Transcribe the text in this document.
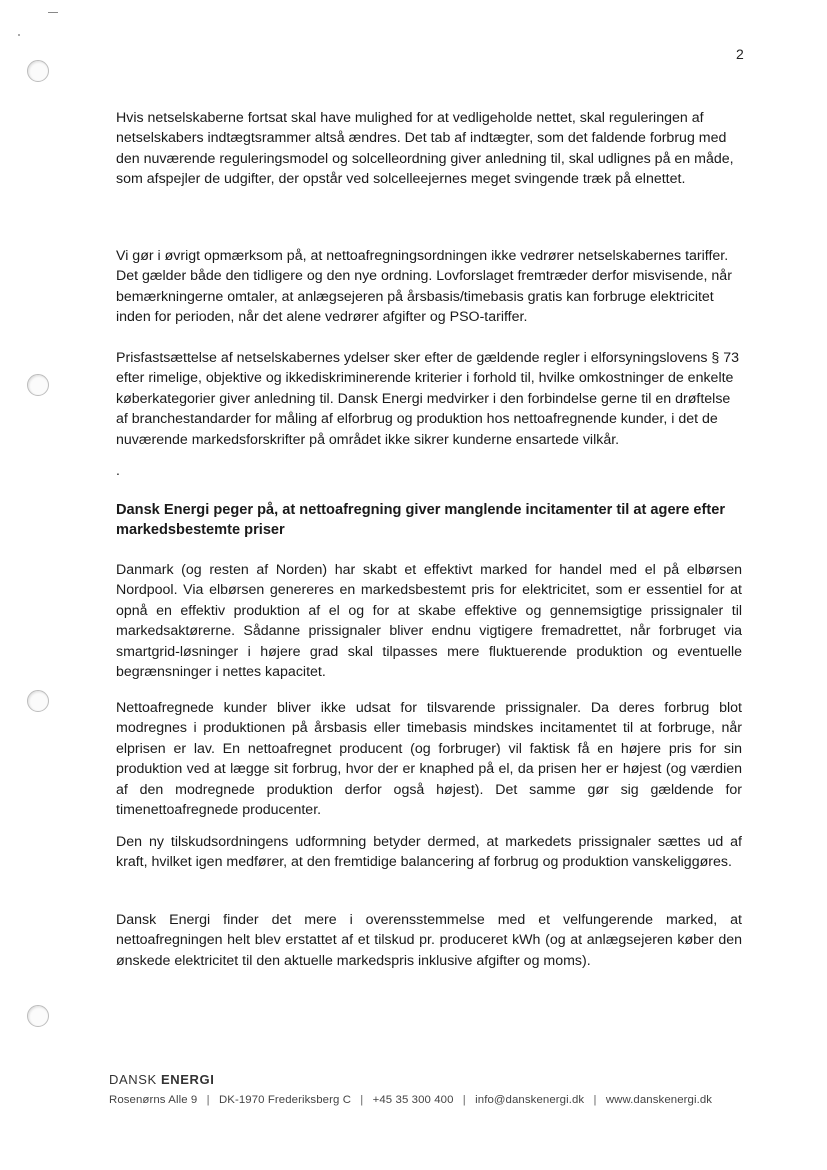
2

Hvis netselskaberne fortsat skal have mulighed for at vedligeholde nettet, skal reguleringen af netselskabers indtægtsrammer altså ændres. Det tab af indtægter, som det faldende forbrug med den nuværende reguleringsmodel og solcelleordning giver anledning til, skal udlignes på en måde, som afspejler de udgifter, der opstår ved solcelleejernes meget svingende træk på elnettet.

Vi gør i øvrigt opmærksom på, at nettoafregningsordningen ikke vedrører netselskabernes tariffer. Det gælder både den tidligere og den nye ordning. Lovforslaget fremtræder derfor misvisende, når bemærkningerne omtaler, at anlægsejeren på årsbasis/timebasis gratis kan forbruge elektricitet inden for perioden, når det alene vedrører afgifter og PSO-tariffer.

Prisfastsættelse af netselskabernes ydelser sker efter de gældende regler i elforsyningslovens § 73 efter rimelige, objektive og ikkediskriminerende kriterier i forhold til, hvilke omkostninger de enkelte køberkategorier giver anledning til. Dansk Energi medvirker i den forbindelse gerne til en drøftelse af branchestandarder for måling af elforbrug og produktion hos nettoafregnende kunder, i det de nuværende markedsforskrifter på området ikke sikrer kunderne ensartede vilkår.

.
Dansk Energi peger på, at nettoafregning giver manglende incitamenter til at agere efter markedsbestemte priser

Danmark (og resten af Norden) har skabt et effektivt marked for handel med el på elbørsen Nordpool. Via elbørsen genereres en markedsbestemt pris for elektricitet, som er essentiel for at opnå en effektiv produktion af el og for at skabe effektive og gennemsigtige prissignaler til markedsaktørerne. Sådanne prissignaler bliver endnu vigtigere fremadrettet, når forbruget via smartgrid-løsninger i højere grad skal tilpasses mere fluktuerende produktion og eventuelle begrænsninger i nettes kapacitet.

Nettoafregnede kunder bliver ikke udsat for tilsvarende prissignaler. Da deres forbrug blot modregnes i produktionen på årsbasis eller timebasis mindskes incitamentet til at forbruge, når elprisen er lav. En nettoafregnet producent (og forbruger) vil faktisk få en højere pris for sin produktion ved at lægge sit forbrug, hvor der er knaphed på el, da prisen her er højest (og værdien af den modregnede produktion derfor også højest). Det samme gør sig gældende for timenettoafregnede producenter.

Den ny tilskudsordningens udformning betyder dermed, at markedets prissignaler sættes ud af kraft, hvilket igen medfører, at den fremtidige balancering af forbrug og produktion vanskeliggøres.

Dansk Energi finder det mere i overensstemmelse med et velfungerende marked, at nettoafregningen helt blev erstattet af et tilskud pr. produceret kWh (og at anlægsejeren køber den ønskede elektricitet til den aktuelle markedspris inklusive afgifter og moms).

DANSK ENERGI
Rosenørns Alle 9 | DK-1970 Frederiksberg C | +45 35 300 400 | info@danskenergi.dk | www.danskenergi.dk
